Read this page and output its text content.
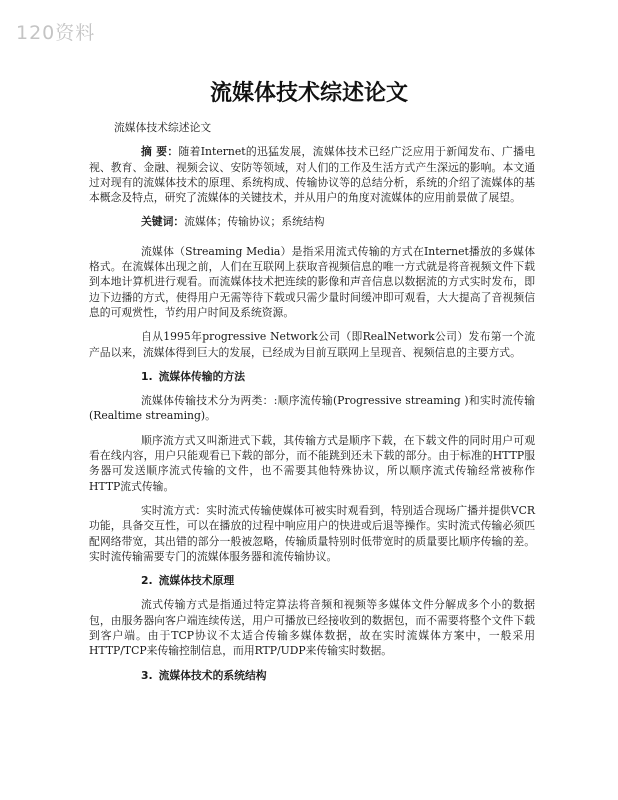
120资料
流媒体技术综述论文

流媒体技术综述论文

摘 要：随着Internet的迅猛发展，流媒体技术已经广泛应用于新闻发布、广播电视、教育、金融、视频会议、安防等领域，对人们的工作及生活方式产生深远的影响。本文通过对现有的流媒体技术的原理、系统构成、传输协议等的总结分析，系统的介绍了流媒体的基本概念及特点，研究了流媒体的关键技术，并从用户的角度对流媒体的应用前景做了展望。

关键词：流媒体；传输协议；系统结构

流媒体（Streaming Media）是指采用流式传输的方式在Internet播放的多媒体格式。在流媒体出现之前，人们在互联网上获取音视频信息的唯一方式就是将音视频文件下载到本地计算机进行观看。而流媒体技术把连续的影像和声音信息以数据流的方式实时发布，即边下边播的方式，使得用户无需等待下载或只需少量时间缓冲即可观看，大大提高了音视频信息的可观赏性，节约用户时间及系统资源。

自从1995年progressive Network公司（即RealNetwork公司）发布第一个流产品以来，流媒体得到巨大的发展，已经成为目前互联网上呈现音、视频信息的主要方式。

1. 流媒体传输的方法

流媒体传输技术分为两类：:顺序流传输(Progressive streaming )和实时流传输(Realtime streaming)。

顺序流方式又叫渐进式下载，其传输方式是顺序下载，在下载文件的同时用户可观看在线内容，用户只能观看已下载的部分，而不能跳到还未下载的部分。由于标准的HTTP服务器可发送顺序流式传输的文件，也不需要其他特殊协议，所以顺序流式传输经常被称作HTTP流式传输。

实时流方式：实时流式传输使媒体可被实时观看到，特别适合现场广播并提供VCR 功能，具备交互性，可以在播放的过程中响应用户的快进或后退等操作。实时流式传输必须匹配网络带宽，其出错的部分一般被忽略，传输质量特别时低带宽时的质量要比顺序传输的差。实时流传输需要专门的流媒体服务器和流传输协议。

2. 流媒体技术原理

流式传输方式是指通过特定算法将音频和视频等多媒体文件分解成多个小的数据包，由服务器向客户端连续传送，用户可播放已经接收到的数据包，而不需要将整个文件下载到客户端。由于TCP协议不太适合传输多媒体数据，故在实时流媒体方案中，一般采用HTTP/TCP来传输控制信息，而用RTP/UDP来传输实时数据。

3. 流媒体技术的系统结构
